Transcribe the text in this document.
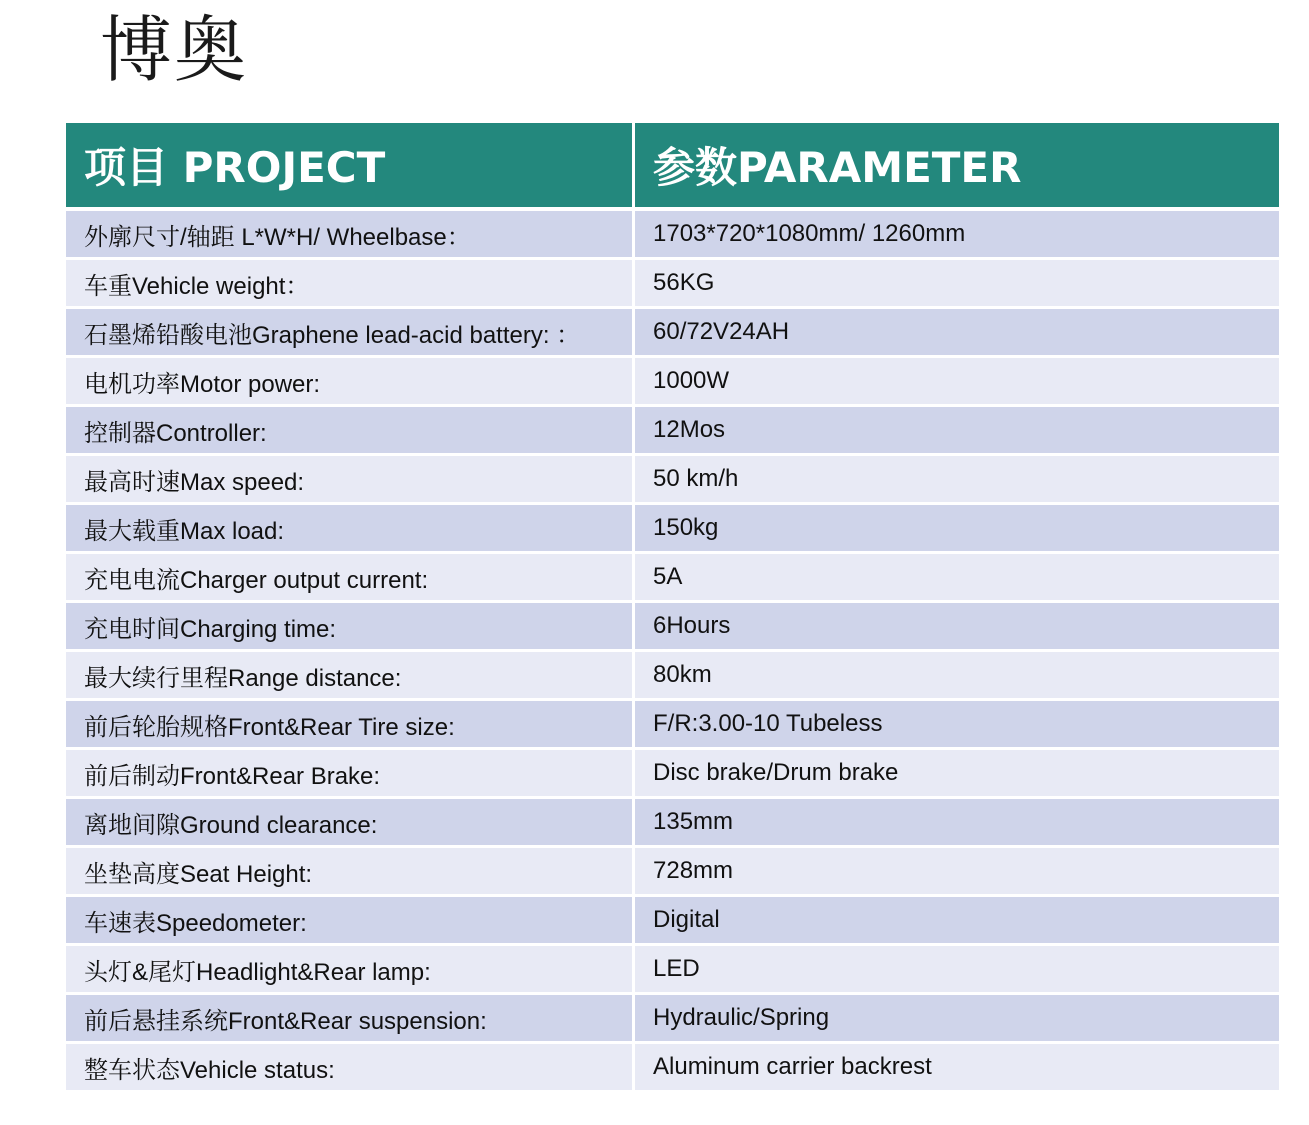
博奥
项目 PROJECT	参数PARAMETER
外廓尺寸/轴距 L*W*H/ Wheelbase：	1703*720*1080mm/ 1260mm
车重Vehicle weight：	56KG
石墨烯铅酸电池Graphene lead-acid battery: ：	60/72V24AH
电机功率Motor power:	1000W
控制器Controller:	12Mos
最高时速Max speed:	50 km/h
最大载重Max load:	150kg
充电电流Charger output current:	5A
充电时间Charging time:	6Hours
最大续行里程Range distance:	80km
前后轮胎规格Front&Rear Tire size:	F/R:3.00-10 Tubeless
前后制动Front&Rear Brake:	Disc brake/Drum brake
离地间隙Ground clearance:	135mm
坐垫高度Seat Height:	728mm
车速表Speedometer:	Digital
头灯&尾灯Headlight&Rear lamp:	LED
前后悬挂系统Front&Rear suspension:	Hydraulic/Spring
整车状态Vehicle status:	Aluminum carrier backrest
